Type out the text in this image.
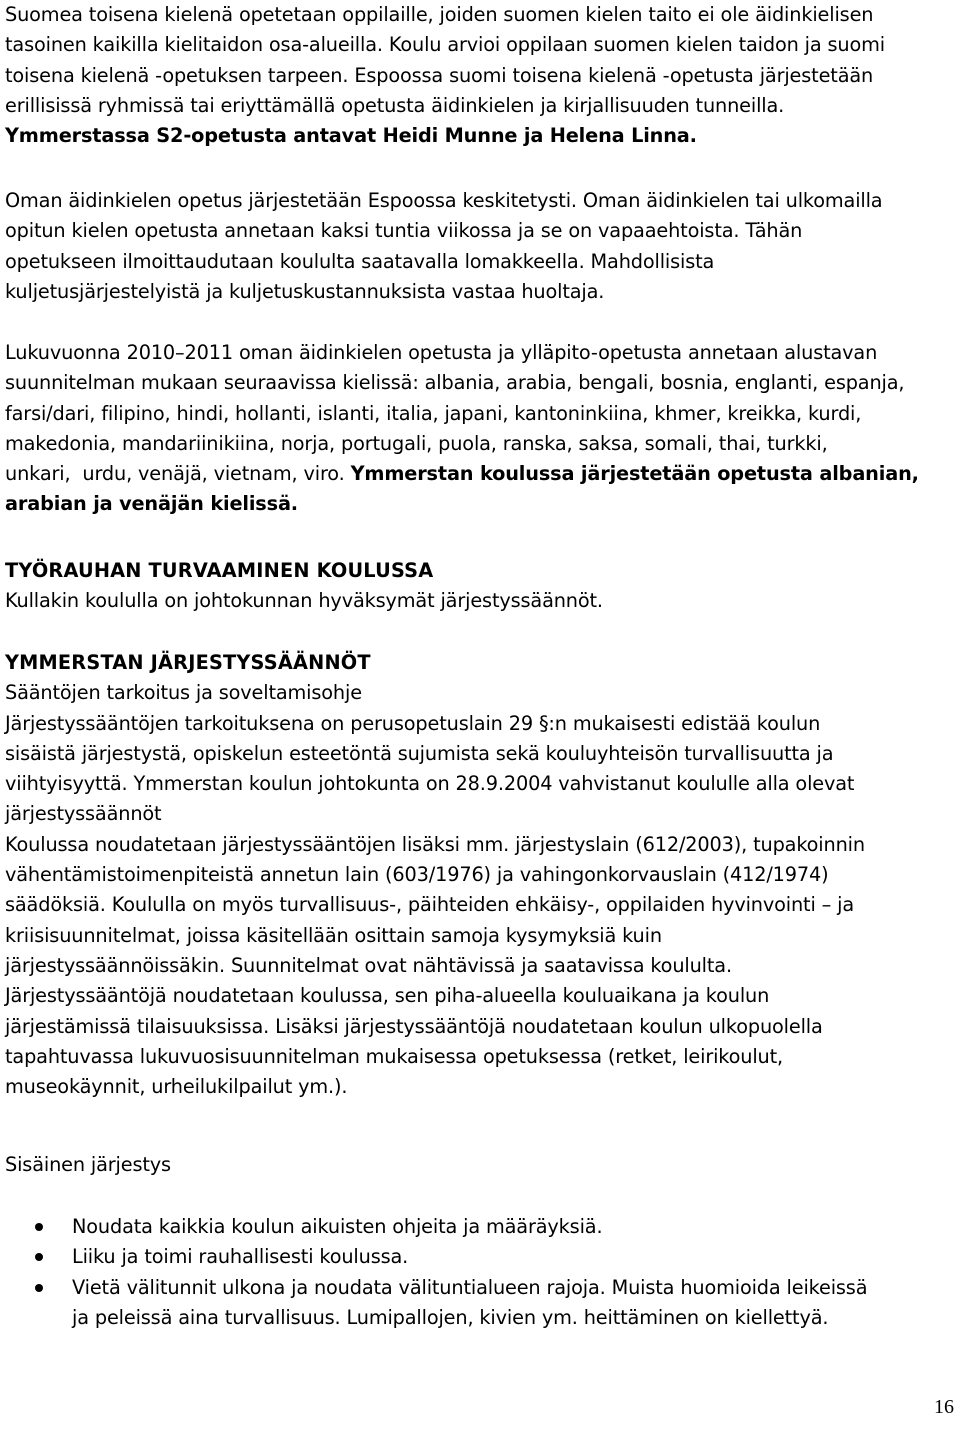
Suomea toisena kielenä opetetaan oppilaille, joiden suomen kielen taito ei ole äidinkielisen
tasoinen kaikilla kielitaidon osa-alueilla. Koulu arvioi oppilaan suomen kielen taidon ja suomi
toisena kielenä -opetuksen tarpeen. Espoossa suomi toisena kielenä -opetusta järjestetään
erillisissä ryhmissä tai eriyttämällä opetusta äidinkielen ja kirjallisuuden tunneilla.
Ymmerstassa S2-opetusta antavat Heidi Munne ja Helena Linna.
Oman äidinkielen opetus järjestetään Espoossa keskitetysti. Oman äidinkielen tai ulkomailla
opitun kielen opetusta annetaan kaksi tuntia viikossa ja se on vapaaehtoista. Tähän
opetukseen ilmoittaudutaan koululta saatavalla lomakkeella. Mahdollisista
kuljetusjärjestelyistä ja kuljetuskustannuksista vastaa huoltaja.
Lukuvuonna 2010–2011 oman äidinkielen opetusta ja ylläpito-opetusta annetaan alustavan
suunnitelman mukaan seuraavissa kielissä: albania, arabia, bengali, bosnia, englanti, espanja,
farsi/dari, filipino, hindi, hollanti, islanti, italia, japani, kantoninkiina, khmer, kreikka, kurdi,
makedonia, mandariinikiina, norja, portugali, puola, ranska, saksa, somali, thai, turkki,
unkari,  urdu, venäjä, vietnam, viro. Ymmerstan koulussa järjestetään opetusta albanian,
arabian ja venäjän kielissä.
TYÖRAUHAN TURVAAMINEN KOULUSSA
Kullakin koululla on johtokunnan hyväksymät järjestyssäännöt.
YMMERSTAN JÄRJESTYSSÄÄNNÖT
Sääntöjen tarkoitus ja soveltamisohje
Järjestyssääntöjen tarkoituksena on perusopetuslain 29 §:n mukaisesti edistää koulun
sisäistä järjestystä, opiskelun esteetöntä sujumista sekä kouluyhteisön turvallisuutta ja
viihtyisyyttä. Ymmerstan koulun johtokunta on 28.9.2004 vahvistanut koululle alla olevat
järjestyssäännöt
Koulussa noudatetaan järjestyssääntöjen lisäksi mm. järjestyslain (612/2003), tupakoinnin
vähentämistoimenpiteistä annetun lain (603/1976) ja vahingonkorvauslain (412/1974)
säädöksiä. Koululla on myös turvallisuus-, päihteiden ehkäisy-, oppilaiden hyvinvointi – ja
kriisisuunnitelmat, joissa käsitellään osittain samoja kysymyksiä kuin
järjestyssäännöissäkin. Suunnitelmat ovat nähtävissä ja saatavissa koululta.
Järjestyssääntöjä noudatetaan koulussa, sen piha-alueella kouluaikana ja koulun
järjestämissä tilaisuuksissa. Lisäksi järjestyssääntöjä noudatetaan koulun ulkopuolella
tapahtuvassa lukuvuosisuunnitelman mukaisessa opetuksessa (retket, leirikoulut,
museokäynnit, urheilukilpailut ym.).
Sisäinen järjestys
Noudata kaikkia koulun aikuisten ohjeita ja määräyksiä.
Liiku ja toimi rauhallisesti koulussa.
Vietä välitunnit ulkona ja noudata välituntialueen rajoja. Muista huomioida leikeissä
ja peleissä aina turvallisuus. Lumipallojen, kivien ym. heittäminen on kiellettyä.
16
